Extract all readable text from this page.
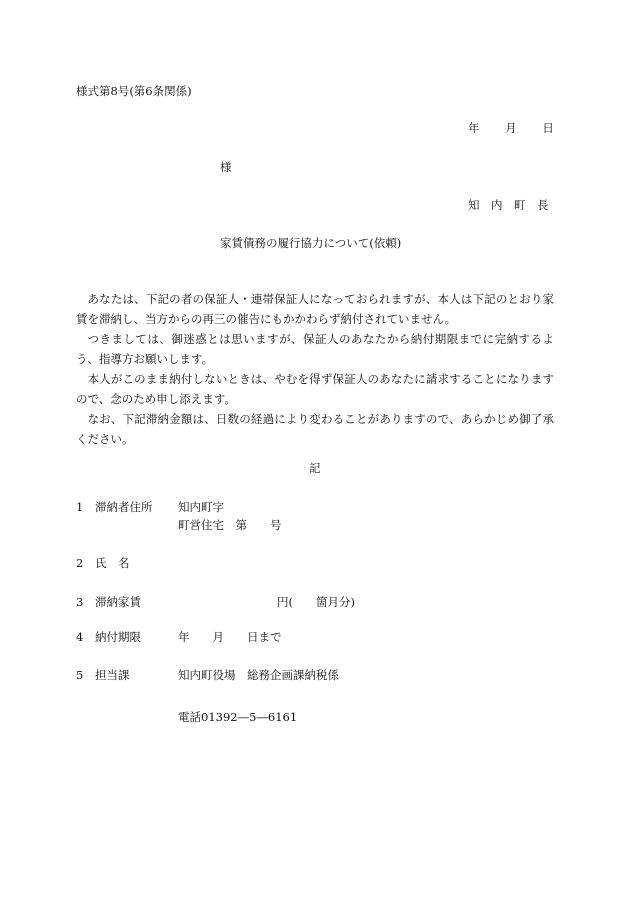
様式第8号(第6条関係)
年 月 日
様
知　内　町　長
家賃債務の履行協力について(依頼)

あなたは、下記の者の保証人・連帯保証人になっておられますが、本人は下記のとおり家賃を滞納し、当方からの再三の催告にもかかわらず納付されていません。

つきましては、御迷惑とは思いますが、保証人のあなたから納付期限までに完納するよう、指導方お願いします。

本人がこのまま納付しないときは、やむを得ず保証人のあなたに請求することになりますので、念のため申し添えます。

なお、下記滞納金額は、日数の経過により変わることがありますので、あらかじめ御了承ください。

記
1 滞納者住所 知内町字
町営住宅　第　　号
2 氏　名
3 滞納家賃	円(　　箇月分)
4 納付期限	年　　月　　日まで
5 担当課	知内町役場　総務企画課納税係
電話01392―5―6161
